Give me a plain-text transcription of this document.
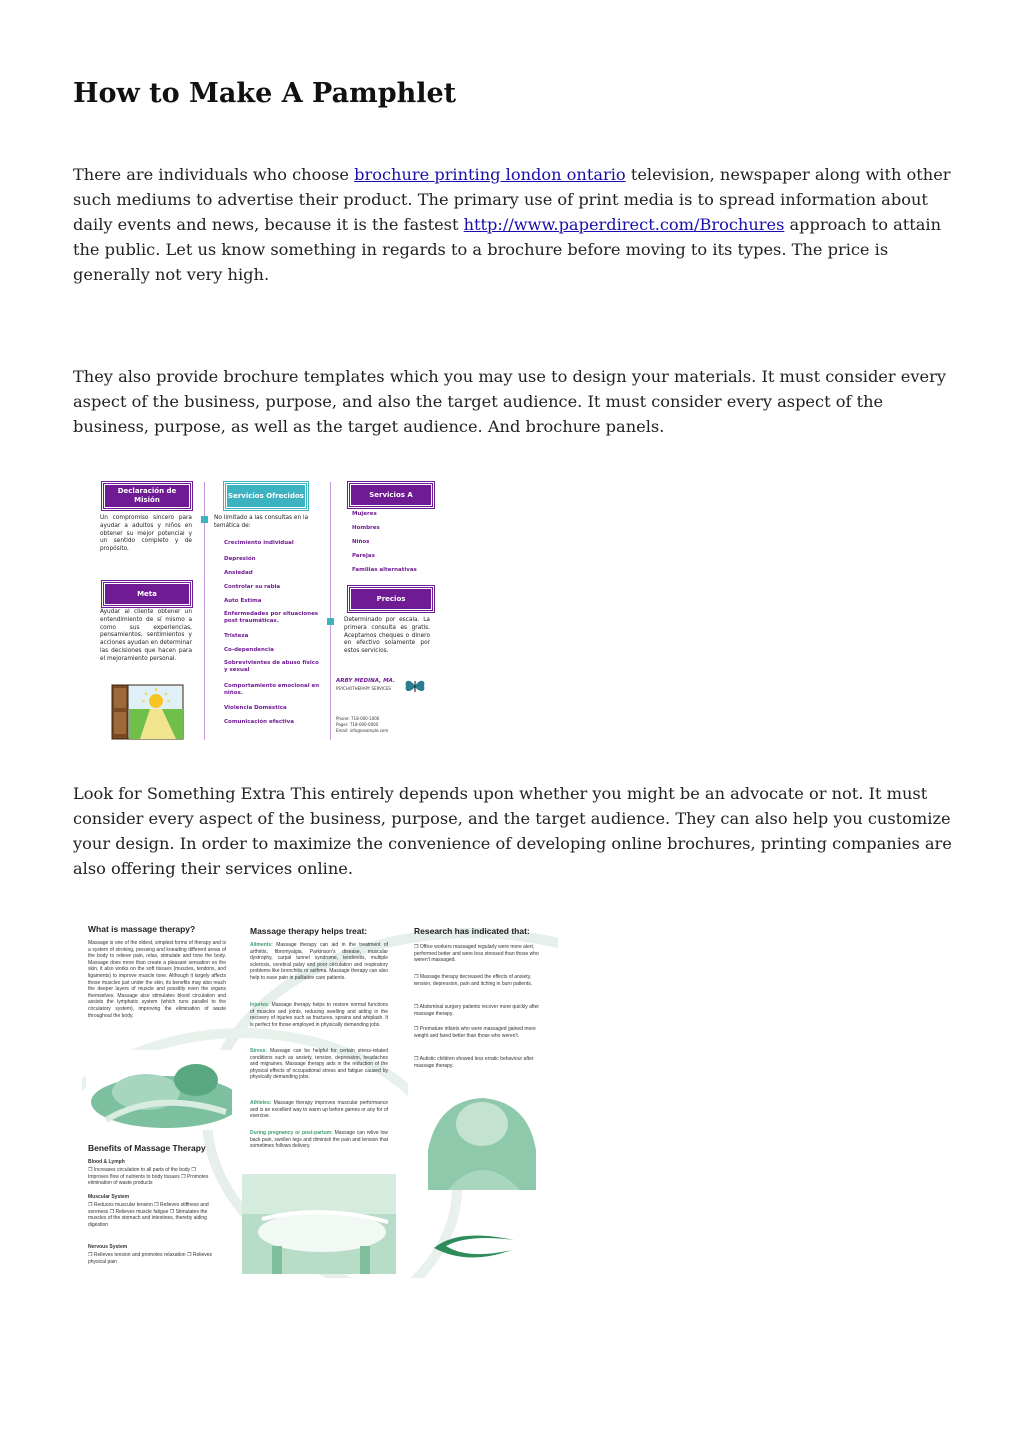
How to Make A Pamphlet

There are individuals who choose brochure printing london ontario television, newspaper along with other such mediums to advertise their product. The primary use of print media is to spread information about daily events and news, because it is the fastest http://www.paperdirect.com/Brochures approach to attain the public. Let us know something in regards to a brochure before moving to its types. The price is generally not very high.

They also provide brochure templates which you may use to design your materials. It must consider every aspect of the business, purpose, and also the target audience. It must consider every aspect of the business, purpose, as well as the target audience. And brochure panels.

Declaración de Misión
Un compromiso sincero para ayudar a adultos y niños en obtener su mejor potencial y un sentido completo y de propósito.
Meta
Ayudar al cliente obtener un entendimiento de sí mismo a como sus experiencias, pensamientos, sentimientos y acciones ayudan en determinar las decisiones que hacen para el mejoramiento personal.
Servicios Ofrecidos
No limitado a las consultas en la temática de:
Crecimiento individual
Depresión
Ansiedad
Controlar su rabia
Auto Estima
Enfermedades por situaciones post traumáticas.
Tristeza
Co-dependencia
Sobrevivientes de abuso físico y sexual
Comportamiento emocional en niños.
Violencia Doméstica
Comunicación efectiva
Servicios A
Mujeres
Hombres
Niños
Parejas
Familias alternativas
Precios
Determinado por escala. La primera consulta es gratis. Aceptamos cheques o dinero en efectivo solamente por estos servicios.
ARBY MEDINA, MA.
PSYCHOTHERAPY SERVICES
Phone: 718-000-1000
Pager: 718-000-0000
Email: info@example.com

Look for Something Extra This entirely depends upon whether you might be an advocate or not. It must consider every aspect of the business, purpose, and the target audience. They can also help you customize your design. In order to maximize the convenience of developing online brochures, printing companies are also offering their services online.

What is massage therapy?
Massage is one of the oldest, simplest forms of therapy and is a system of stroking, pressing and kneading different areas of the body to relieve pain, relax, stimulate and tone the body. Massage does more than create a pleasant sensation on the skin, it also works on the soft tissues (muscles, tendons, and ligaments) to improve muscle tone. Although it largely affects those muscles just under the skin, its benefits may also reach the deeper layers of muscle and possibly even the organs themselves. Massage also stimulates blood circulation and assists the lymphatic system (which runs parallel to the circulatory system), improving the elimination of waste throughout the body.
Benefits of Massage Therapy
Blood & Lymph
❒ Increases circulation to all parts of the body ❒ Improves flow of nutrients to body tissues ❒ Promotes elimination of waste products
Muscular System
❒ Reduces muscular tension ❒ Relieves stiffness and soreness ❒ Relieves muscle fatigue ❒ Stimulates the muscles of the stomach and intestines, thereby aiding digestion
Nervous System
❒ Relieves tension and promotes relaxation ❒ Relieves physical pain
Massage therapy helps treat:
Ailments: Massage therapy can aid in the treatment of arthritis, fibromyalgia, Parkinson's disease, muscular dystrophy, carpal tunnel syndrome, tendonitis, multiple sclerosis, cerebral palsy and poor circulation and respiratory problems like bronchitis or asthma. Massage therapy can also help to ease pain in palliative care patients.
Injuries: Massage therapy helps to restore normal functions of muscles and joints, reducing swelling and aiding in the recovery of injuries such as fractures, sprains and whiplash. It is perfect for those employed in physically demanding jobs.
Stress: Massage can be helpful for certain stress-related conditions such as anxiety, tension, depression, headaches and migraines. Massage therapy aids in the reduction of the physical effects of occupational stress and fatigue caused by physically demanding jobs.
Athletes: Massage therapy improves muscular performance and is an excellent way to warm up before games or any for of exercise.
During pregnancy or post-partum: Massage can relive low back pain, swollen legs and diminish the pain and tension that sometimes follows delivery.
Research has indicated that:
❒ Office workers massaged regularly were more alert, performed better and were less stressed than those who weren't massaged.
❒ Massage therapy decreased the effects of anxiety, tension, depression, pain and itching in burn patients.
❒ Abdominal surgery patients recover more quickly after massage therapy.
❒ Premature infants who were massaged gained more weight and fared better than those who weren't.
❒ Autistic children showed less erratic behaviour after massage therapy.
